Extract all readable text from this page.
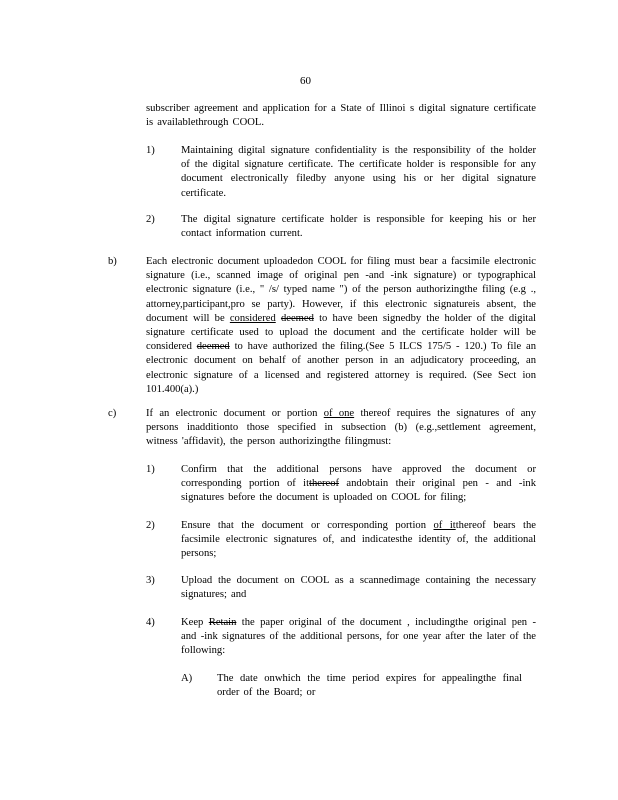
60
subscriber agreement and application for a State of Illinoi s digital signature certificate is availablethrough COOL.
1) Maintaining digital signature confidentiality is the responsibility of the holder of the digital signature certificate. The certificate holder is responsible for any document electronically filedby anyone using his or her digital signature certificate.
2) The digital signature certificate holder is responsible for keeping his or her contact information current.
b)	Each electronic document uploadedon COOL for filing must bear a facsimile electronic signature (i.e., scanned image of original pen -and -ink signature) or typographical electronic signature (i.e., " /s/ typed name ") of the person authorizingthe filing (e.g ., attorney,participant,pro se party). However, if this electronic signatureis absent, the document will be considered deemed to have been signedby the holder of the digital signature certificate used to upload the document and the certificate holder will be considered deemed to have authorized the filing.(See 5 ILCS 175/5 - 120.) To file an electronic document on behalf of another person in an adjudicatory proceeding, an electronic signature of a licensed and registered attorney is required. (See Sect ion 101.400(a).)
c)	If an electronic document or portion of one thereof requires the signatures of any persons inadditionto those specified in subsection (b) (e.g.,settlement agreement, witness 'affidavit), the person authorizingthe filingmust:
1) Confirm that the additional persons have approved the document or corresponding portion of itthereof andobtain their original pen - and -ink signatures before the document is uploaded on COOL for filing;
2) Ensure that the document or corresponding portion of itthereof bears the facsimile electronic signatures of, and indicatesthe identity of, the additional persons;
3) Upload the document on COOL as a scannedimage containing the necessary signatures; and
4) Keep Retain the paper original of the document , includingthe original pen - and -ink signatures of the additional persons, for one year after the later of the following:
A) The date onwhich the time period expires for appealingthe final order of the Board; or
